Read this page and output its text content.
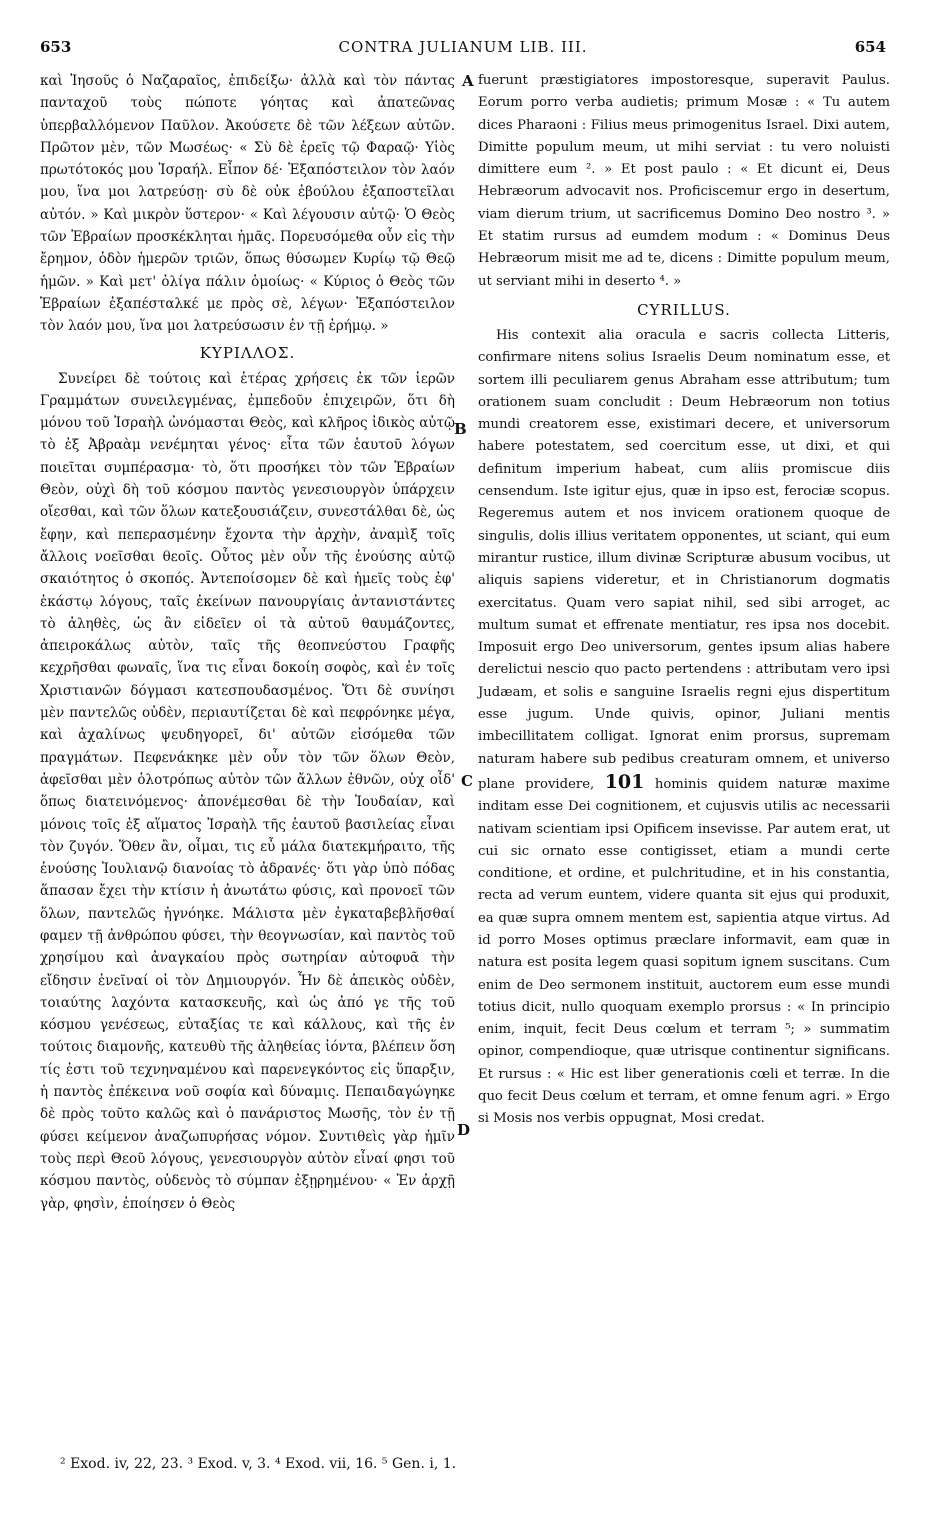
653	CONTRA JULIANUM LIB. III.	654
A
B
C
D

καὶ Ἰησοῦς ὁ Ναζαραῖος, ἐπιδείξω· ἀλλὰ καὶ τὸν πάντας πανταχοῦ τοὺς πώποτε γόητας καὶ ἀπατεῶνας ὑπερβαλλόμενον Παῦλον. Ἀκούσετε δὲ τῶν λέξεων αὐτῶν. Πρῶτον μὲν, τῶν Μωσέως· « Σὺ δὲ ἐρεῖς τῷ Φαραῷ· Υἱὸς πρωτότοκός μου Ἰσραήλ. Εἶπον δέ· Ἐξαπόστειλον τὸν λαόν μου, ἵνα μοι λατρεύσῃ· σὺ δὲ οὐκ ἐβούλου ἐξαποστεῖλαι αὐτόν. » Καὶ μικρὸν ὕστερον· « Καὶ λέγουσιν αὐτῷ· Ὁ Θεὸς τῶν Ἑβραίων προσκέκληται ἡμᾶς. Πορευσόμεθα οὖν εἰς τὴν ἔρημον, ὁδὸν ἡμερῶν τριῶν, ὅπως θύσωμεν Κυρίῳ τῷ Θεῷ ἡμῶν. » Καὶ μετ' ὀλίγα πάλιν ὁμοίως· « Κύριος ὁ Θεὸς τῶν Ἑβραίων ἐξαπέσταλκέ με πρὸς σὲ, λέγων· Ἐξαπόστειλον τὸν λαόν μου, ἵνα μοι λατρεύσωσιν ἐν τῇ ἐρήμῳ. »

ΚΥΡΙΛΛΟΣ.

Συνείρει δὲ τούτοις καὶ ἑτέρας χρήσεις ἐκ τῶν ἱερῶν Γραμμάτων συνειλεγμένας, ἐμπεδοῦν ἐπιχειρῶν, ὅτι δὴ μόνου τοῦ Ἰσραὴλ ὠνόμασται Θεὸς, καὶ κλῆρος ἰδικὸς αὐτῷ τὸ ἐξ Ἀβραὰμ νενέμηται γένος· εἶτα τῶν ἑαυτοῦ λόγων ποιεῖται συμπέρασμα· τὸ, ὅτι προσήκει τὸν τῶν Ἑβραίων Θεὸν, οὐχὶ δὴ τοῦ κόσμου παντὸς γενεσιουργὸν ὑπάρχειν οἴεσθαι, καὶ τῶν ὅλων κατεξουσιάζειν, συνεστάλθαι δὲ, ὡς ἔφην, καὶ πεπερασμένην ἔχοντα τὴν ἀρχὴν, ἀναμὶξ τοῖς ἄλλοις νοεῖσθαι θεοῖς. Οὗτος μὲν οὖν τῆς ἐνούσης αὐτῷ σκαιότητος ὁ σκοπός. Ἀντεποίσομεν δὲ καὶ ἡμεῖς τοὺς ἐφ' ἑκάστῳ λόγους, ταῖς ἐκείνων πανουργίαις ἀντανιστάντες τὸ ἀληθὲς, ὡς ἂν εἰδεῖεν οἱ τὰ αὐτοῦ θαυμάζοντες, ἀπειροκάλως αὐτὸν, ταῖς τῆς θεοπνεύστου Γραφῆς κεχρῆσθαι φωναῖς, ἵνα τις εἶναι δοκοίη σοφὸς, καὶ ἐν τοῖς Χριστιανῶν δόγμασι κατεσπουδασμένος. Ὅτι δὲ συνίησι μὲν παντελῶς οὐδὲν, περιαυτίζεται δὲ καὶ πεφρόνηκε μέγα, καὶ ἀχαλίνως ψευδηγορεῖ, δι' αὐτῶν εἰσόμεθα τῶν πραγμάτων. Πεφενάκηκε μὲν οὖν τὸν τῶν ὅλων Θεὸν, ἀφεῖσθαι μὲν ὁλοτρόπως αὐτὸν τῶν ἄλλων ἐθνῶν, οὐχ οἶδ' ὅπως διατεινόμενος· ἀπονέμεσθαι δὲ τὴν Ἰουδαίαν, καὶ μόνοις τοῖς ἐξ αἵματος Ἰσραὴλ τῆς ἑαυτοῦ βασιλείας εἶναι τὸν ζυγόν. Ὅθεν ἂν, οἶμαι, τις εὖ μάλα διατεκμήραιτο, τῆς ἐνούσης Ἰουλιανῷ διανοίας τὸ ἀδρανές· ὅτι γὰρ ὑπὸ πόδας ἅπασαν ἔχει τὴν κτίσιν ἡ ἀνωτάτω φύσις, καὶ προνοεῖ τῶν ὅλων, παντελῶς ἠγνόηκε. Μάλιστα μὲν ἐγκαταβεβλῆσθαί φαμεν τῇ ἀνθρώπου φύσει, τὴν θεογνωσίαν, καὶ παντὸς τοῦ χρησίμου καὶ ἀναγκαίου πρὸς σωτηρίαν αὐτοφυᾶ τὴν εἴδησιν ἐνεῖναί οἱ τὸν Δημιουργόν. Ἦν δὲ ἀπεικὸς οὐδὲν, τοιαύτης λαχόντα κατασκευῆς, καὶ ὡς ἀπό γε τῆς τοῦ κόσμου γενέσεως, εὐταξίας τε καὶ κάλλους, καὶ τῆς ἐν τούτοις διαμονῆς, κατευθὺ τῆς ἀληθείας ἰόντα, βλέπειν ὅση τίς ἐστι τοῦ τεχνηναμένου καὶ παρενεγκόντος εἰς ὕπαρξιν, ἡ παντὸς ἐπέκεινα νοῦ σοφία καὶ δύναμις. Πεπαιδαγώγηκε δὲ πρὸς τοῦτο καλῶς καὶ ὁ πανάριστος Μωσῆς, τὸν ἐν τῇ φύσει κείμενον ἀναζωπυρήσας νόμον. Συντιθεὶς γὰρ ἡμῖν τοὺς περὶ Θεοῦ λόγους, γενεσιουργὸν αὐτὸν εἶναί φησι τοῦ κόσμου παντὸς, οὐδενὸς τὸ σύμπαν ἐξῃρημένου· « Ἐν ἀρχῇ γὰρ, φησὶν, ἐποίησεν ὁ Θεὸς

fuerunt præstigiatores impostoresque, superavit Paulus. Eorum porro verba audietis; primum Mosæ : « Tu autem dices Pharaoni : Filius meus primogenitus Israel. Dixi autem, Dimitte populum meum, ut mihi serviat : tu vero noluisti dimittere eum ². » Et post paulo : « Et dicunt ei, Deus Hebræorum advocavit nos. Proficiscemur ergo in desertum, viam dierum trium, ut sacrificemus Domino Deo nostro ³. » Et statim rursus ad eumdem modum : « Dominus Deus Hebræorum misit me ad te, dicens : Dimitte populum meum, ut serviant mihi in deserto ⁴. »

CYRILLUS.

His contexit alia oracula e sacris collecta Litteris, confirmare nitens solius Israelis Deum nominatum esse, et sortem illi peculiarem genus Abraham esse attributum; tum orationem suam concludit : Deum Hebræorum non totius mundi creatorem esse, existimari decere, et universorum habere potestatem, sed coercitum esse, ut dixi, et qui definitum imperium habeat, cum aliis promiscue diis censendum. Iste igitur ejus, quæ in ipso est, ferociæ scopus. Regeremus autem et nos invicem orationem quoque de singulis, dolis illius veritatem opponentes, ut sciant, qui eum mirantur rustice, illum divinæ Scripturæ abusum vocibus, ut aliquis sapiens videretur, et in Christianorum dogmatis exercitatus. Quam vero sapiat nihil, sed sibi arroget, ac multum sumat et effrenate mentiatur, res ipsa nos docebit. Imposuit ergo Deo universorum, gentes ipsum alias habere derelictui nescio quo pacto pertendens : attributam vero ipsi Judæam, et solis e sanguine Israelis regni ejus dispertitum esse jugum. Unde quivis, opinor, Juliani mentis imbecillitatem colligat. Ignorat enim prorsus, supremam naturam habere sub pedibus creaturam omnem, et universo plane providere, 101 hominis quidem naturæ maxime inditam esse Dei cognitionem, et cujusvis utilis ac necessarii nativam scientiam ipsi Opificem insevisse. Par autem erat, ut cui sic ornato esse contigisset, etiam a mundi certe conditione, et ordine, et pulchritudine, et in his constantia, recta ad verum euntem, videre quanta sit ejus qui produxit, ea quæ supra omnem mentem est, sapientia atque virtus. Ad id porro Moses optimus præclare informavit, eam quæ in natura est posita legem quasi sopitum ignem suscitans. Cum enim de Deo sermonem instituit, auctorem eum esse mundi totius dicit, nullo quoquam exemplo prorsus : « In principio enim, inquit, fecit Deus cœlum et terram ⁵; » summatim opinor, compendioque, quæ utrisque continentur significans. Et rursus : « Hic est liber generationis cœli et terræ. In die quo fecit Deus cœlum et terram, et omne fenum agri. » Ergo si Mosis nos verbis oppugnat, Mosi credat.

² Exod. iv, 22, 23. ³ Exod. v, 3. ⁴ Exod. vii, 16. ⁵ Gen. i, 1.
